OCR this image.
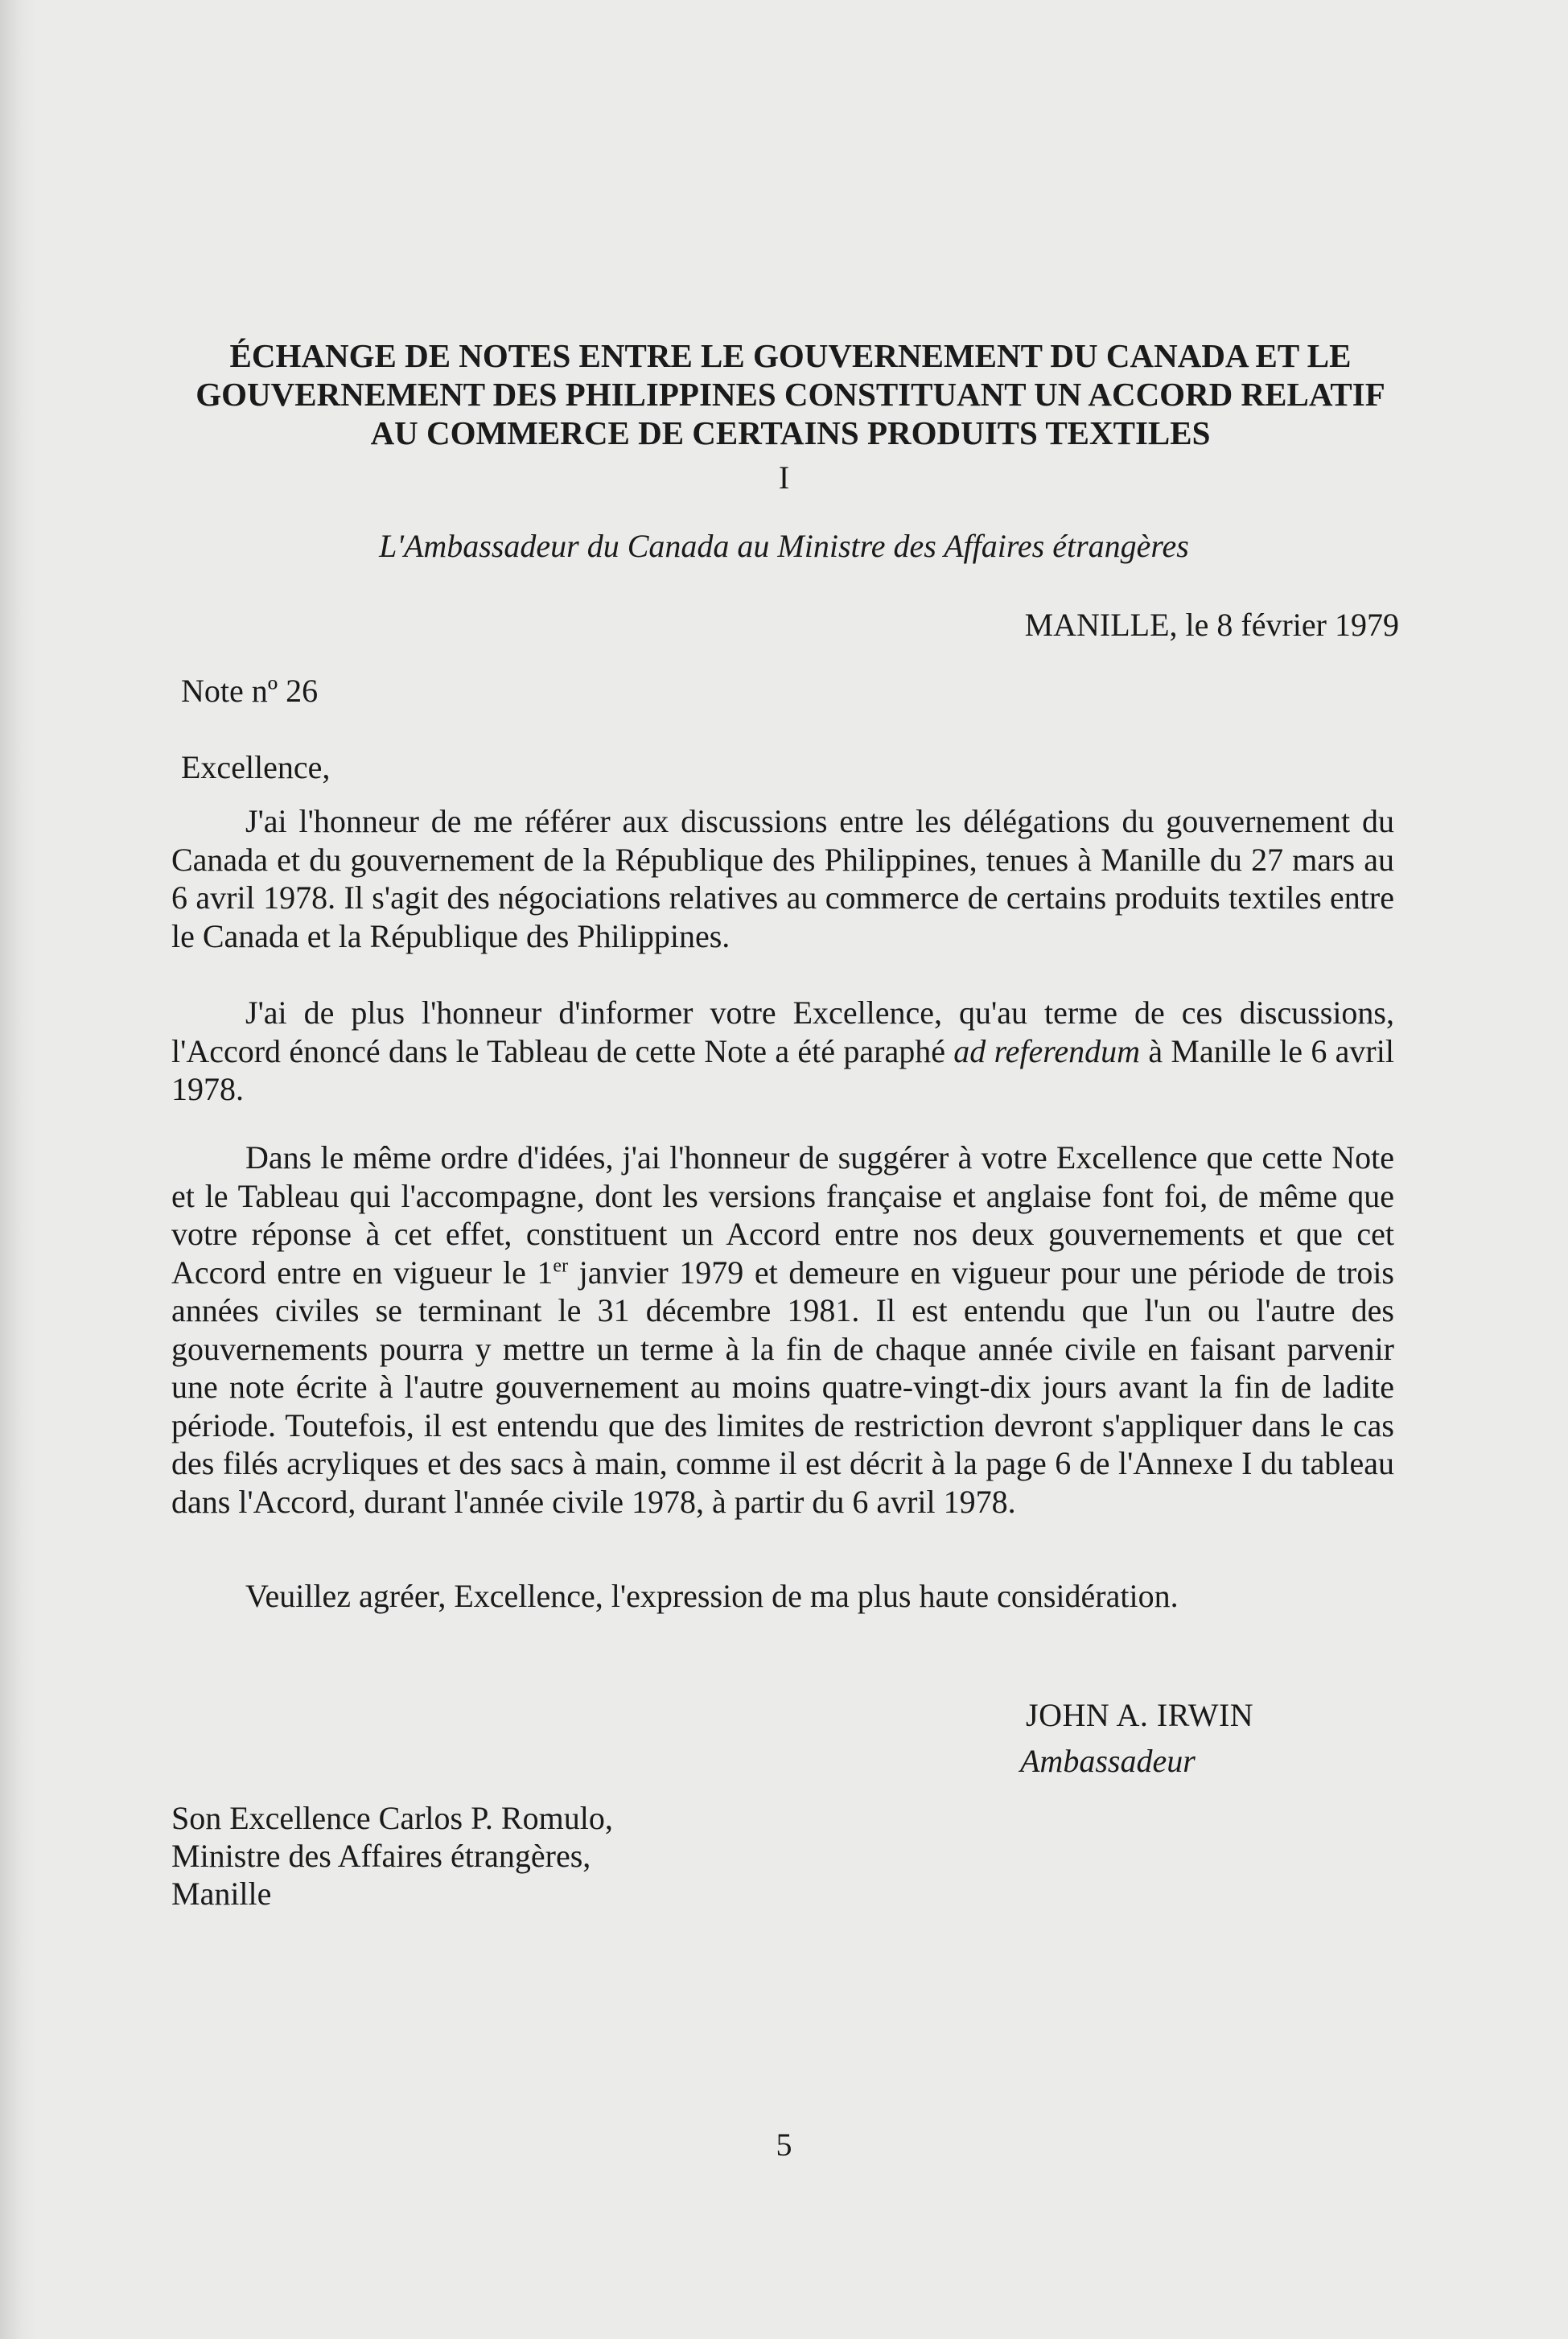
ÉCHANGE DE NOTES ENTRE LE GOUVERNEMENT DU CANADA ET LE GOUVERNEMENT DES PHILIPPINES CONSTITUANT UN ACCORD RELATIF AU COMMERCE DE CERTAINS PRODUITS TEXTILES
I
L'Ambassadeur du Canada au Ministre des Affaires étrangères
MANILLE, le 8 février 1979
Note nº 26
Excellence,

J'ai l'honneur de me référer aux discussions entre les délégations du gouvernement du Canada et du gouvernement de la République des Philippines, tenues à Manille du 27 mars au 6 avril 1978. Il s'agit des négociations relatives au commerce de certains produits textiles entre le Canada et la République des Philippines.

J'ai de plus l'honneur d'informer votre Excellence, qu'au terme de ces discussions, l'Accord énoncé dans le Tableau de cette Note a été paraphé ad referendum à Manille le 6 avril 1978.

Dans le même ordre d'idées, j'ai l'honneur de suggérer à votre Excellence que cette Note et le Tableau qui l'accompagne, dont les versions française et anglaise font foi, de même que votre réponse à cet effet, constituent un Accord entre nos deux gouvernements et que cet Accord entre en vigueur le 1er janvier 1979 et demeure en vigueur pour une période de trois années civiles se terminant le 31 décembre 1981. Il est entendu que l'un ou l'autre des gouvernements pourra y mettre un terme à la fin de chaque année civile en faisant parvenir une note écrite à l'autre gouvernement au moins quatre-vingt-dix jours avant la fin de ladite période. Toutefois, il est entendu que des limites de restriction devront s'appliquer dans le cas des filés acryliques et des sacs à main, comme il est décrit à la page 6 de l'Annexe I du tableau dans l'Accord, durant l'année civile 1978, à partir du 6 avril 1978.

Veuillez agréer, Excellence, l'expression de ma plus haute considération.
JOHN A. IRWIN
Ambassadeur
Son Excellence Carlos P. Romulo,
Ministre des Affaires étrangères,
Manille
5
